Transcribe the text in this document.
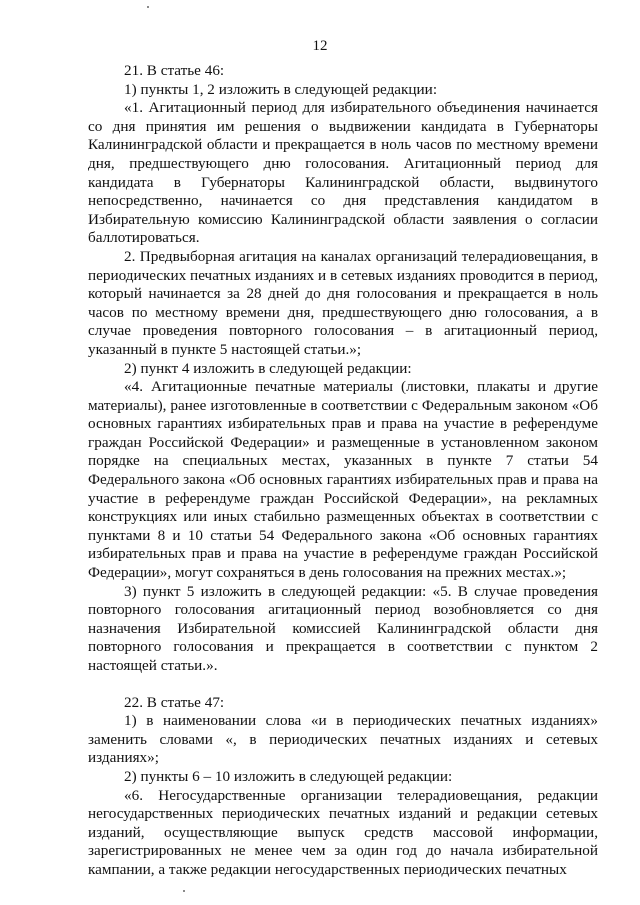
12

21. В статье 46:

1) пункты 1, 2 изложить в следующей редакции:

«1. Агитационный период для избирательного объединения начинается со дня принятия им решения о выдвижении кандидата в Губернаторы Калининградской области и прекращается в ноль часов по местному времени дня, предшествующего дню голосования. Агитационный период для кандидата в Губернаторы Калининградской области, выдвинутого непосредственно, начинается со дня представления кандидатом в Избирательную комиссию Калининградской области заявления о согласии баллотироваться.

2. Предвыборная агитация на каналах организаций телерадиовещания, в периодических печатных изданиях и в сетевых изданиях проводится в период, который начинается за 28 дней до дня голосования и прекращается в ноль часов по местному времени дня, предшествующего дню голосования, а в случае проведения повторного голосования – в агитационный период, указанный в пункте 5 настоящей статьи.»;

2) пункт 4 изложить в следующей редакции:

«4. Агитационные печатные материалы (листовки, плакаты и другие материалы), ранее изготовленные в соответствии с Федеральным законом «Об основных гарантиях избирательных прав и права на участие в референдуме граждан Российской Федерации» и размещенные в установленном законом порядке на специальных местах, указанных в пункте 7 статьи 54 Федерального закона «Об основных гарантиях избирательных прав и права на участие в референдуме граждан Российской Федерации», на рекламных конструкциях или иных стабильно размещенных объектах в соответствии с пунктами 8 и 10 статьи 54 Федерального закона «Об основных гарантиях избирательных прав и права на участие в референдуме граждан Российской Федерации», могут сохраняться в день голосования на прежних местах.»;

3) пункт 5 изложить в следующей редакции: «5. В случае проведения повторного голосования агитационный период возобновляется со дня назначения Избирательной комиссией Калининградской области дня повторного голосования и прекращается в соответствии с пунктом 2 настоящей статьи.».

22. В статье 47:

1) в наименовании слова «и в периодических печатных изданиях» заменить словами «, в периодических печатных изданиях и сетевых изданиях»;

2) пункты 6 – 10 изложить в следующей редакции:

«6. Негосударственные организации телерадиовещания, редакции негосударственных периодических печатных изданий и редакции сетевых изданий, осуществляющие выпуск средств массовой информации, зарегистрированных не менее чем за один год до начала избирательной кампании, а также редакции негосударственных периодических печатных
